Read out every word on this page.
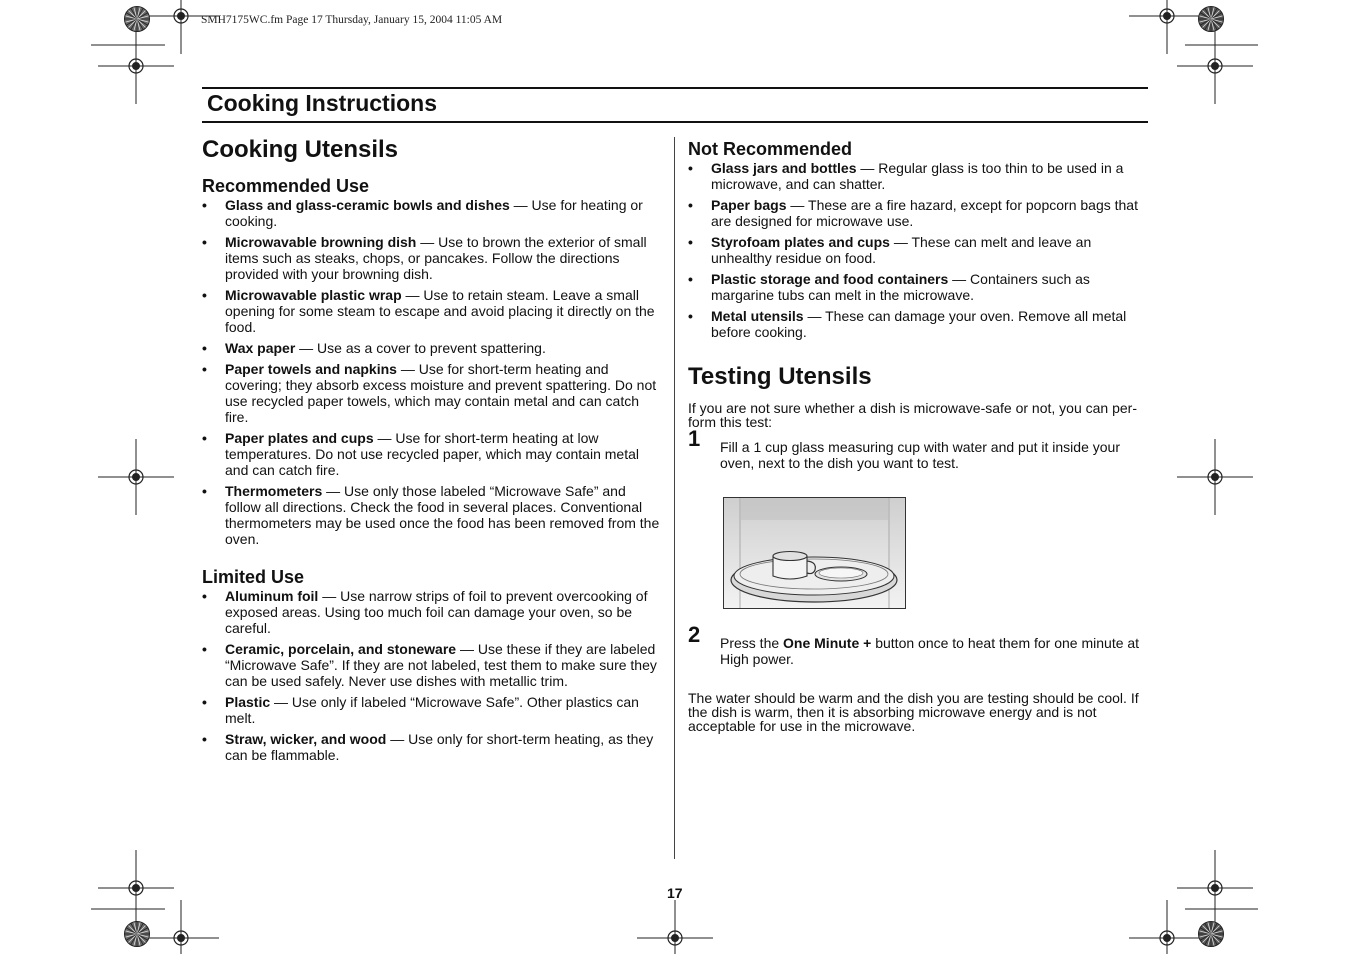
SMH7175WC.fm Page 17 Thursday, January 15, 2004 11:05 AM
Cooking Instructions
Cooking Utensils
Recommended Use
• Glass and glass-ceramic bowls and dishes — Use for heating or cooking.
• Microwavable browning dish — Use to brown the exterior of small items such as steaks, chops, or pancakes. Follow the directions provided with your browning dish.
• Microwavable plastic wrap — Use to retain steam. Leave a small opening for some steam to escape and avoid placing it directly on the food.
• Wax paper — Use as a cover to prevent spattering.
• Paper towels and napkins — Use for short-term heating and covering; they absorb excess moisture and prevent spattering. Do not use recycled paper towels, which may contain metal and can catch fire.
• Paper plates and cups — Use for short-term heating at low temperatures. Do not use recycled paper, which may contain metal and can catch fire.
• Thermometers — Use only those labeled “Microwave Safe” and follow all directions. Check the food in several places. Conventional thermometers may be used once the food has been removed from the oven.
Limited Use
• Aluminum foil — Use narrow strips of foil to prevent overcooking of exposed areas. Using too much foil can damage your oven, so be careful.
• Ceramic, porcelain, and stoneware — Use these if they are labeled “Microwave Safe”. If they are not labeled, test them to make sure they can be used safely. Never use dishes with metallic trim.
• Plastic — Use only if labeled “Microwave Safe”. Other plastics can melt.
• Straw, wicker, and wood — Use only for short-term heating, as they can be flammable.
Not Recommended
• Glass jars and bottles — Regular glass is too thin to be used in a microwave, and can shatter.
• Paper bags — These are a fire hazard, except for popcorn bags that are designed for microwave use.
• Styrofoam plates and cups — These can melt and leave an unhealthy residue on food.
• Plastic storage and food containers — Containers such as margarine tubs can melt in the microwave.
• Metal utensils — These can damage your oven. Remove all metal before cooking.
Testing Utensils

If you are not sure whether a dish is microwave-safe or not, you can per-form this test:

1 Fill a 1 cup glass measuring cup with water and put it inside your oven, next to the dish you want to test.
2 Press the One Minute + button once to heat them for one minute at High power.

The water should be warm and the dish you are testing should be cool. If the dish is warm, then it is absorbing microwave energy and is not acceptable for use in the microwave.

17
